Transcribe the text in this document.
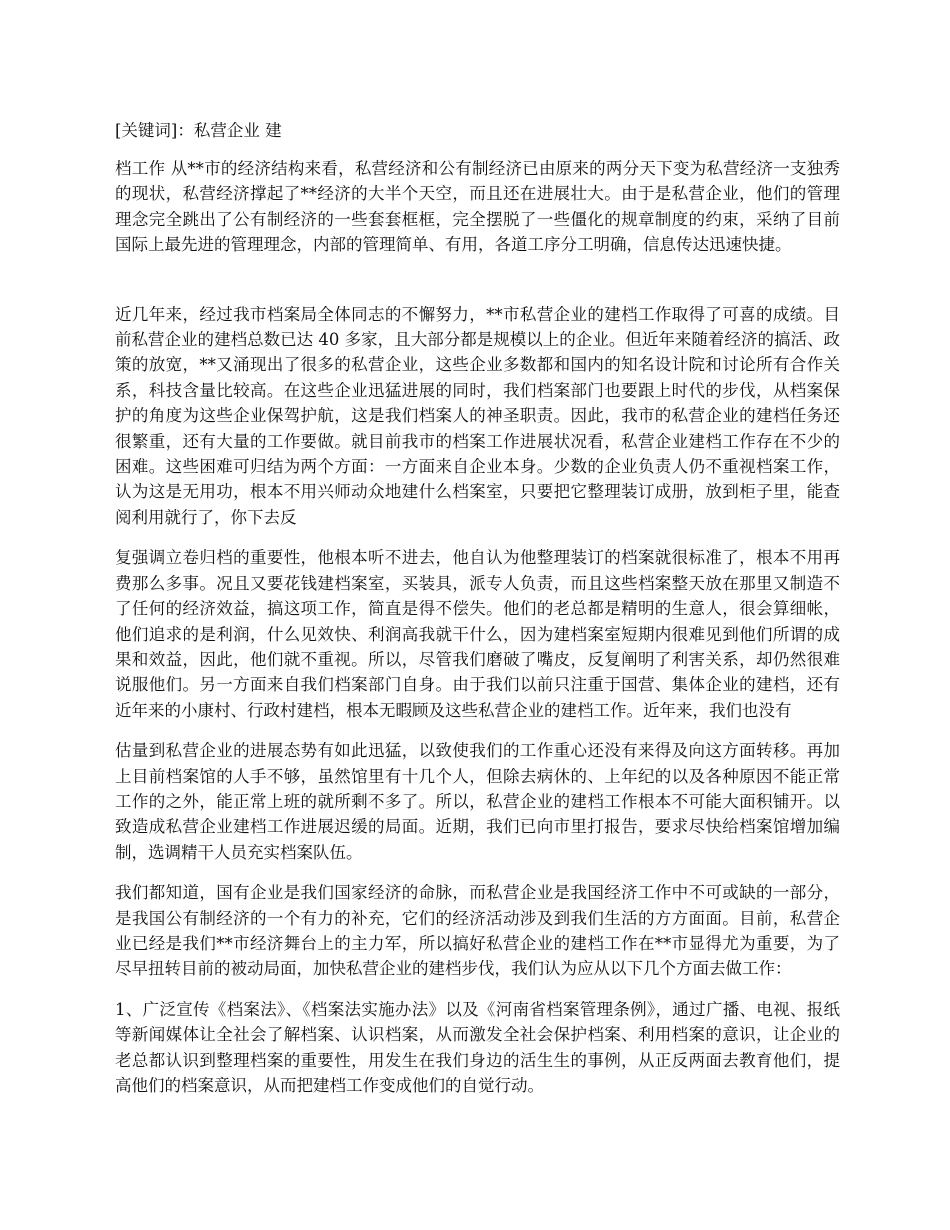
[关键词]：私营企业 建

档工作 从**市的经济结构来看，私营经济和公有制经济已由原来的两分天下变为私营经济一支独秀的现状，私营经济撑起了**经济的大半个天空，而且还在进展壮大。由于是私营企业，他们的管理理念完全跳出了公有制经济的一些套套框框，完全摆脱了一些僵化的规章制度的约束，采纳了目前国际上最先进的管理理念，内部的管理简单、有用，各道工序分工明确，信息传达迅速快捷。

近几年来，经过我市档案局全体同志的不懈努力，**市私营企业的建档工作取得了可喜的成绩。目前私营企业的建档总数已达 40 多家，且大部分都是规模以上的企业。但近年来随着经济的搞活、政策的放宽，**又涌现出了很多的私营企业，这些企业多数都和国内的知名设计院和讨论所有合作关系，科技含量比较高。在这些企业迅猛进展的同时，我们档案部门也要跟上时代的步伐，从档案保护的角度为这些企业保驾护航，这是我们档案人的神圣职责。因此，我市的私营企业的建档任务还很繁重，还有大量的工作要做。就目前我市的档案工作进展状况看，私营企业建档工作存在不少的困难。这些困难可归结为两个方面：一方面来自企业本身。少数的企业负责人仍不重视档案工作，认为这是无用功，根本不用兴师动众地建什么档案室，只要把它整理装订成册，放到柜子里，能查阅利用就行了，你下去反

复强调立卷归档的重要性，他根本听不进去，他自认为他整理装订的档案就很标准了，根本不用再费那么多事。况且又要花钱建档案室，买装具，派专人负责，而且这些档案整天放在那里又制造不了任何的经济效益，搞这项工作，简直是得不偿失。他们的老总都是精明的生意人，很会算细帐，他们追求的是利润，什么见效快、利润高我就干什么，因为建档案室短期内很难见到他们所谓的成果和效益，因此，他们就不重视。所以，尽管我们磨破了嘴皮，反复阐明了利害关系，却仍然很难说服他们。另一方面来自我们档案部门自身。由于我们以前只注重于国营、集体企业的建档，还有近年来的小康村、行政村建档，根本无暇顾及这些私营企业的建档工作。近年来，我们也没有

估量到私营企业的进展态势有如此迅猛，以致使我们的工作重心还没有来得及向这方面转移。再加上目前档案馆的人手不够，虽然馆里有十几个人，但除去病休的、上年纪的以及各种原因不能正常工作的之外，能正常上班的就所剩不多了。所以，私营企业的建档工作根本不可能大面积铺开。以致造成私营企业建档工作进展迟缓的局面。近期，我们已向市里打报告，要求尽快给档案馆增加编制，选调精干人员充实档案队伍。

我们都知道，国有企业是我们国家经济的命脉，而私营企业是我国经济工作中不可或缺的一部分，是我国公有制经济的一个有力的补充，它们的经济活动涉及到我们生活的方方面面。目前，私营企业已经是我们**市经济舞台上的主力军，所以搞好私营企业的建档工作在**市显得尤为重要，为了尽早扭转目前的被动局面，加快私营企业的建档步伐，我们认为应从以下几个方面去做工作：

1、广泛宣传《档案法》、《档案法实施办法》以及《河南省档案管理条例》，通过广播、电视、报纸等新闻媒体让全社会了解档案、认识档案，从而激发全社会保护档案、利用档案的意识，让企业的老总都认识到整理档案的重要性，用发生在我们身边的活生生的事例，从正反两面去教育他们，提高他们的档案意识，从而把建档工作变成他们的自觉行动。
